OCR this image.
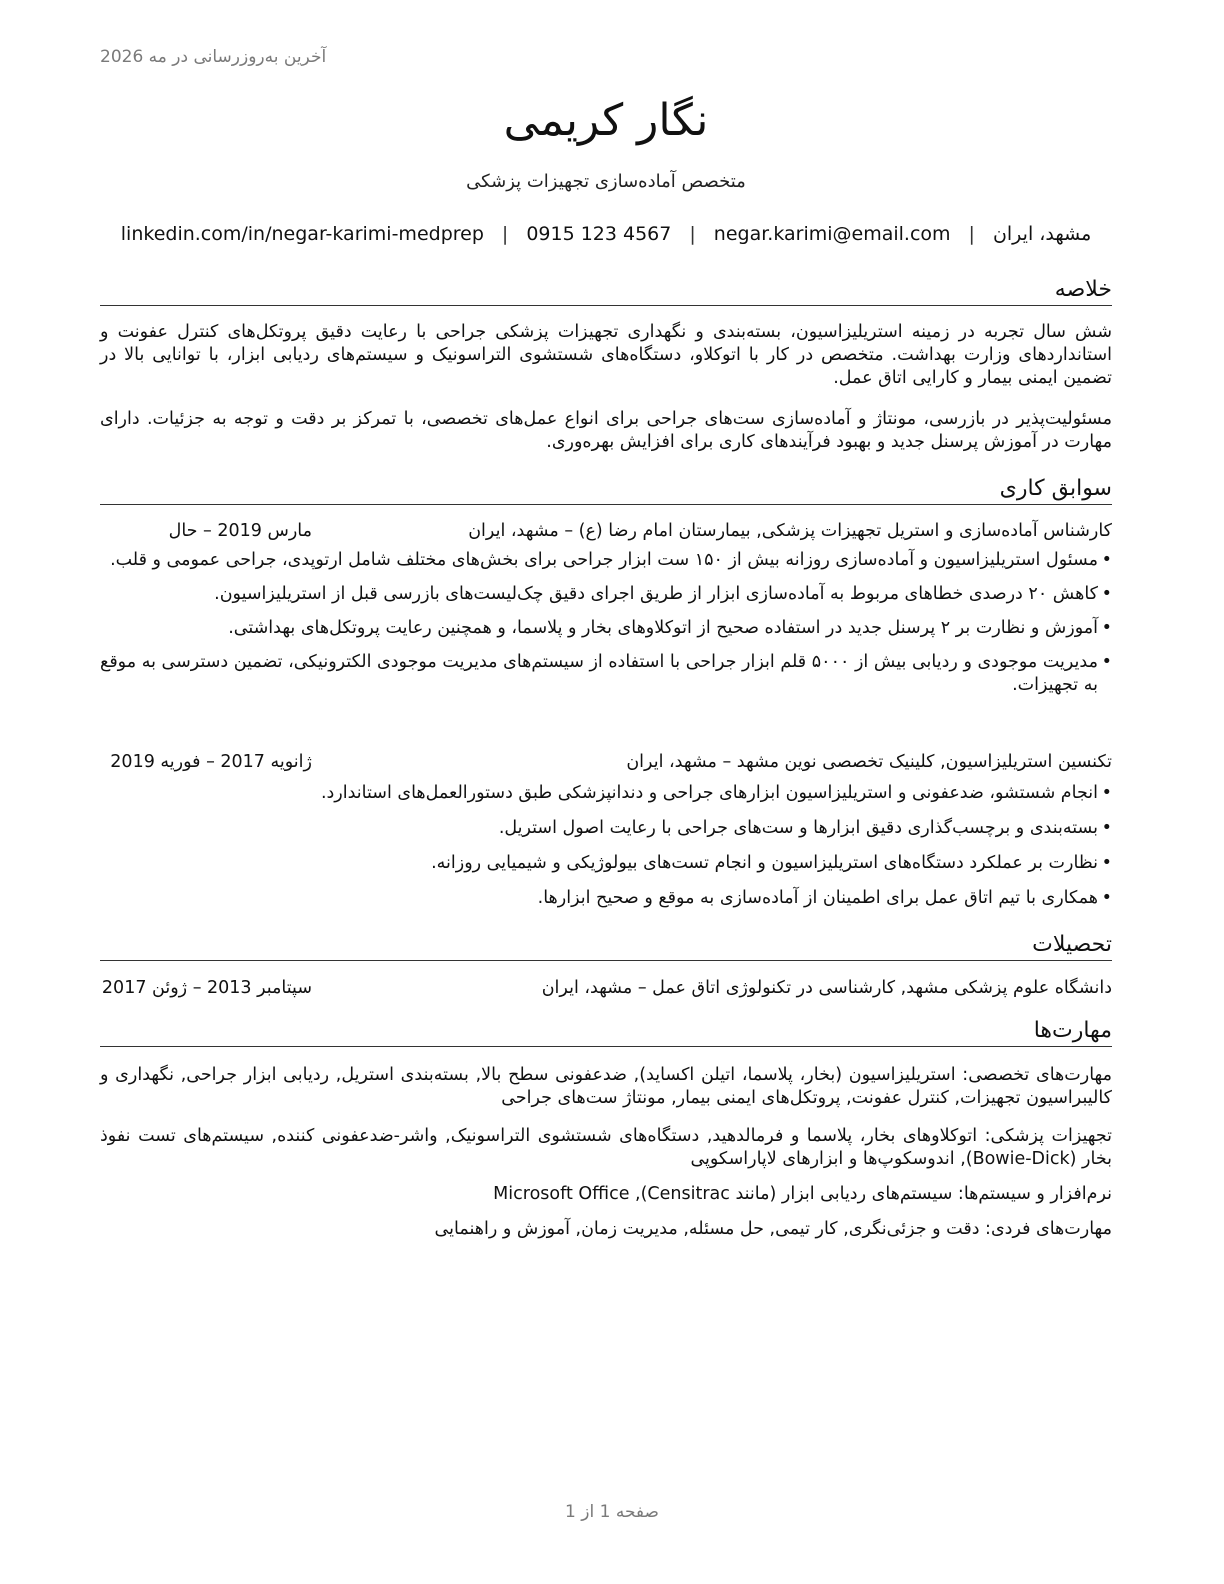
آخرین به‌روزرسانی در مه 2026
نگار کریمی
متخصص آماده‌سازی تجهیزات پزشکی
مشهد، ایران
|
negar.karimi@email.com
|
0915 123 4567
|
linkedin.com/in/negar-karimi-medprep
خلاصه

شش سال تجربه در زمینه استریلیزاسیون، بسته‌بندی و نگهداری تجهیزات پزشکی جراحی با رعایت دقیق پروتکل‌های کنترل عفونت و استانداردهای وزارت بهداشت. متخصص در کار با اتوکلاو، دستگاه‌های شستشوی التراسونیک و سیستم‌های ردیابی ابزار، با توانایی بالا در تضمین ایمنی بیمار و کارایی اتاق عمل.

مسئولیت‌پذیر در بازرسی، مونتاژ و آماده‌سازی ست‌های جراحی برای انواع عمل‌های تخصصی، با تمرکز بر دقت و توجه به جزئیات. دارای مهارت در آموزش پرسنل جدید و بهبود فرآیندهای کاری برای افزایش بهره‌وری.

سوابق کاری
کارشناس آماده‌سازی و استریل تجهیزات پزشکی, بیمارستان امام رضا (ع) – مشهد، ایران
مارس 2019 – حال
•
مسئول استریلیزاسیون و آماده‌سازی روزانه بیش از ۱۵۰ ست ابزار جراحی برای بخش‌های مختلف شامل ارتوپدی، جراحی عمومی و قلب.
•
کاهش ۲۰ درصدی خطاهای مربوط به آماده‌سازی ابزار از طریق اجرای دقیق چک‌لیست‌های بازرسی قبل از استریلیزاسیون.
•
آموزش و نظارت بر ۲ پرسنل جدید در استفاده صحیح از اتوکلاوهای بخار و پلاسما، و همچنین رعایت پروتکل‌های بهداشتی.
•
مدیریت موجودی و ردیابی بیش از ۵۰۰۰ قلم ابزار جراحی با استفاده از سیستم‌های مدیریت موجودی الکترونیکی، تضمین دسترسی به موقع به تجهیزات.
تکنسین استریلیزاسیون, کلینیک تخصصی نوین مشهد – مشهد، ایران
ژانویه 2017 – فوریه 2019
•
انجام شستشو، ضدعفونی و استریلیزاسیون ابزارهای جراحی و دندانپزشکی طبق دستورالعمل‌های استاندارد.
•
بسته‌بندی و برچسب‌گذاری دقیق ابزارها و ست‌های جراحی با رعایت اصول استریل.
•
نظارت بر عملکرد دستگاه‌های استریلیزاسیون و انجام تست‌های بیولوژیکی و شیمیایی روزانه.
•
همکاری با تیم اتاق عمل برای اطمینان از آماده‌سازی به موقع و صحیح ابزارها.
تحصیلات
دانشگاه علوم پزشکی مشهد, کارشناسی در تکنولوژی اتاق عمل – مشهد، ایران
سپتامبر 2013 – ژوئن 2017
مهارت‌ها

مهارت‌های تخصصی: استریلیزاسیون (بخار، پلاسما، اتیلن اکساید), ضدعفونی سطح بالا, بسته‌بندی استریل, ردیابی ابزار جراحی, نگهداری و کالیبراسیون تجهیزات, کنترل عفونت, پروتکل‌های ایمنی بیمار, مونتاژ ست‌های جراحی

تجهیزات پزشکی: اتوکلاوهای بخار، پلاسما و فرمالدهید, دستگاه‌های شستشوی التراسونیک, واشر-ضدعفونی کننده, سیستم‌های تست نفوذ بخار (Bowie-Dick), اندوسکوپ‌ها و ابزارهای لاپاراسکوپی

نرم‌افزار و سیستم‌ها: سیستم‌های ردیابی ابزار (مانند Censitrac), Microsoft Office

مهارت‌های فردی: دقت و جزئی‌نگری, کار تیمی, حل مسئله, مدیریت زمان, آموزش و راهنمایی

صفحه 1 از 1
